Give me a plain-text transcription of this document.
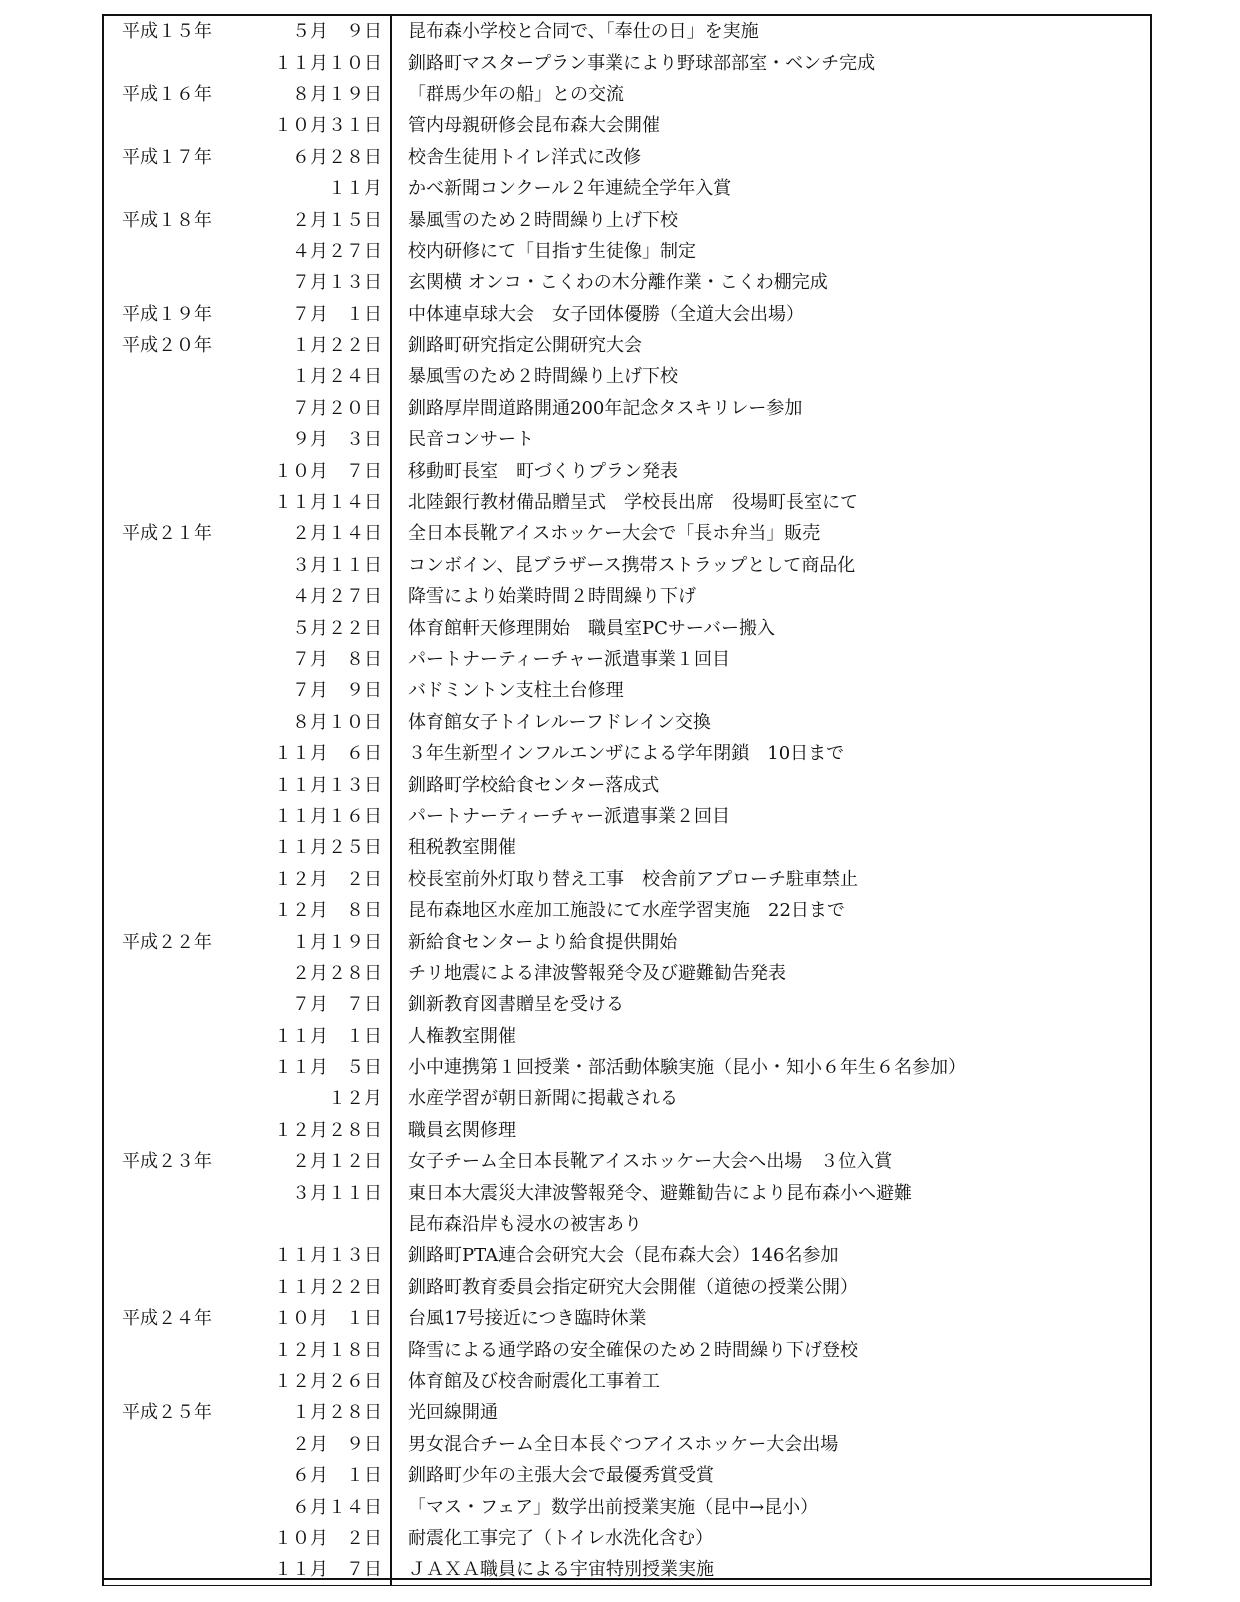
平成１５年	５月　９日	昆布森小学校と合同で、「奉仕の日」を実施
	１１月１０日	釧路町マスタープラン事業により野球部部室・ベンチ完成
平成１６年	８月１９日	「群馬少年の船」との交流
	１０月３１日	管内母親研修会昆布森大会開催
平成１７年	６月２８日	校舎生徒用トイレ洋式に改修
	１１月　　　	かべ新聞コンクール２年連続全学年入賞
平成１８年	２月１５日	暴風雪のため２時間繰り上げ下校
	４月２７日	校内研修にて「目指す生徒像」制定
	７月１３日	玄関横 オンコ・こくわの木分離作業・こくわ棚完成
平成１９年	７月　１日	中体連卓球大会　女子団体優勝（全道大会出場）
平成２０年	１月２２日	釧路町研究指定公開研究大会
	１月２４日	暴風雪のため２時間繰り上げ下校
	７月２０日	釧路厚岸間道路開通200年記念タスキリレー参加
	９月　３日	民音コンサート
	１０月　７日	移動町長室　町づくりプラン発表
	１１月１４日	北陸銀行教材備品贈呈式　学校長出席　役場町長室にて
平成２１年	２月１４日	全日本長靴アイスホッケー大会で「長ホ弁当」販売
	３月１１日	コンボイン、昆ブラザース携帯ストラップとして商品化
	４月２７日	降雪により始業時間２時間繰り下げ
	５月２２日	体育館軒天修理開始　職員室PCサーバー搬入
	７月　８日	パートナーティーチャー派遣事業１回目
	７月　９日	バドミントン支柱土台修理
	８月１０日	体育館女子トイレルーフドレイン交換
	１１月　６日	３年生新型インフルエンザによる学年閉鎖　10日まで
	１１月１３日	釧路町学校給食センター落成式
	１１月１６日	パートナーティーチャー派遣事業２回目
	１１月２５日	租税教室開催
	１２月　２日	校長室前外灯取り替え工事　校舎前アプローチ駐車禁止
	１２月　８日	昆布森地区水産加工施設にて水産学習実施　22日まで
平成２２年	１月１９日	新給食センターより給食提供開始
	２月２８日	チリ地震による津波警報発令及び避難勧告発表
	７月　７日	釧新教育図書贈呈を受ける
	１１月　１日	人権教室開催
	１１月　５日	小中連携第１回授業・部活動体験実施（昆小・知小６年生６名参加）
	１２月　　　	水産学習が朝日新聞に掲載される
	１２月２８日	職員玄関修理
平成２３年	２月１２日	女子チーム全日本長靴アイスホッケー大会へ出場　３位入賞
	３月１１日	東日本大震災大津波警報発令、避難勧告により昆布森小へ避難
		昆布森沿岸も浸水の被害あり
	１１月１３日	釧路町PTA連合会研究大会（昆布森大会）146名参加
	１１月２２日	釧路町教育委員会指定研究大会開催（道徳の授業公開）
平成２４年	１０月　１日	台風17号接近につき臨時休業
	１２月１８日	降雪による通学路の安全確保のため２時間繰り下げ登校
	１２月２６日	体育館及び校舎耐震化工事着工
平成２５年	１月２８日	光回線開通
	２月　９日	男女混合チーム全日本長ぐつアイスホッケー大会出場
	６月　１日	釧路町少年の主張大会で最優秀賞受賞
	６月１４日	「マス・フェア」数学出前授業実施（昆中→昆小）
	１０月　２日	耐震化工事完了（トイレ水洗化含む）
	１１月　７日	ＪＡＸＡ職員による宇宙特別授業実施
